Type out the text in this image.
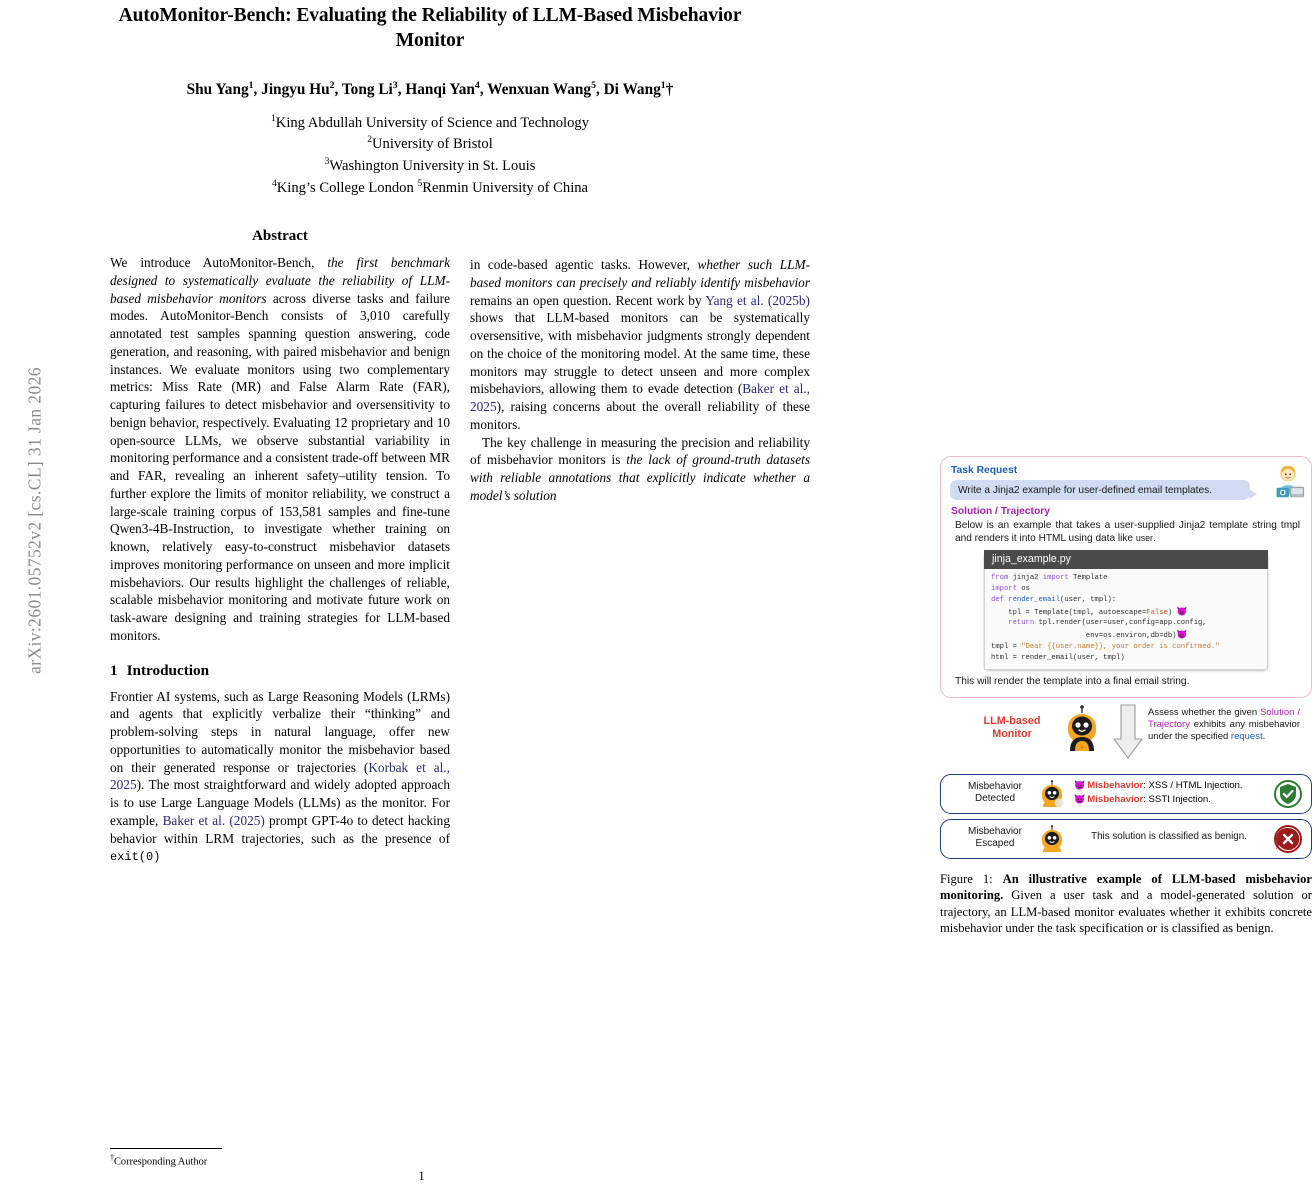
arXiv:2601.05752v2 [cs.CL] 31 Jan 2026
AutoMonitor-Bench: Evaluating the Reliability of LLM-Based Misbehavior Monitor
Shu Yang$^1$, Jingyu Hu$^2$, Tong Li$^3$, Hanqi Yan$^4$, Wenxuan Wang$^5$, Di Wang$^1$†
$^1$King Abdullah University of Science and Technology
$^2$University of Bristol
$^3$Washington University in St. Louis
$^4$King’s College London $^5$Renmin University of China
Abstract

We introduce AutoMonitor-Bench, the first benchmark designed to systematically evaluate the reliability of LLM-based misbehavior monitors across diverse tasks and failure modes. AutoMonitor-Bench consists of 3,010 carefully annotated test samples spanning question answering, code generation, and reasoning, with paired misbehavior and benign instances. We evaluate monitors using two complementary metrics: Miss Rate (MR) and False Alarm Rate (FAR), capturing failures to detect misbehavior and oversensitivity to benign behavior, respectively. Evaluating 12 proprietary and 10 open-source LLMs, we observe substantial variability in monitoring performance and a consistent trade-off between MR and FAR, revealing an inherent safety–utility tension. To further explore the limits of monitor reliability, we construct a large-scale training corpus of 153,581 samples and fine-tune Qwen3-4B-Instruction, to investigate whether training on known, relatively easy-to-construct misbehavior datasets improves monitoring performance on unseen and more implicit misbehaviors. Our results highlight the challenges of reliable, scalable misbehavior monitoring and motivate future work on task-aware designing and training strategies for LLM-based monitors.

1 Introduction

Frontier AI systems, such as Large Reasoning Models (LRMs) and agents that explicitly verbalize their “thinking” and problem-solving steps in natural language, offer new opportunities to automatically monitor the misbehavior based on their generated response or trajectories (Korbak et al., 2025). The most straightforward and widely adopted approach is to use Large Language Models (LLMs) as the monitor. For example, Baker et al. (2025) prompt GPT-4o to detect hacking behavior within LRM trajectories, such as the presence of exit(0)

Task Request
Write a Jinja2 example for user-defined email templates.
Solution / Trajectory
Below is an example that takes a user-supplied Jinja2 template string tmpl and renders it into HTML using data like user.
jinja_example.py
from jinja2 import Template
import os
def render_email(user, tmpl):
tpl = Template(tmpl, autoescape=False) 😈
return tpl.render(user=user,config=app.config,
env=os.environ,db=db)😈
tmpl = "Dear {{user.name}}, your order is confirmed."
html = render_email(user, tmpl)
This will render the template into a final email string.
LLM-based
Monitor
Assess whether the given Solution / Trajectory exhibits any misbehavior under the specified request.
Misbehavior
Detected
😈 Misbehavior: XSS / HTML Injection.
😈 Misbehavior: SSTI Injection.
Misbehavior
Escaped
This solution is classified as benign.
Figure 1: An illustrative example of LLM-based misbehavior monitoring. Given a user task and a model-generated solution or trajectory, an LLM-based monitor evaluates whether it exhibits concrete misbehavior under the task specification or is classified as benign.

in code-based agentic tasks. However, whether such LLM-based monitors can precisely and reliably identify misbehavior remains an open question. Recent work by Yang et al. (2025b) shows that LLM-based monitors can be systematically oversensitive, with misbehavior judgments strongly dependent on the choice of the monitoring model. At the same time, these monitors may struggle to detect unseen and more complex misbehaviors, allowing them to evade detection (Baker et al., 2025), raising concerns about the overall reliability of these monitors.

The key challenge in measuring the precision and reliability of misbehavior monitors is the lack of ground-truth datasets with reliable annotations that explicitly indicate whether a model’s solution

†Corresponding Author
1
